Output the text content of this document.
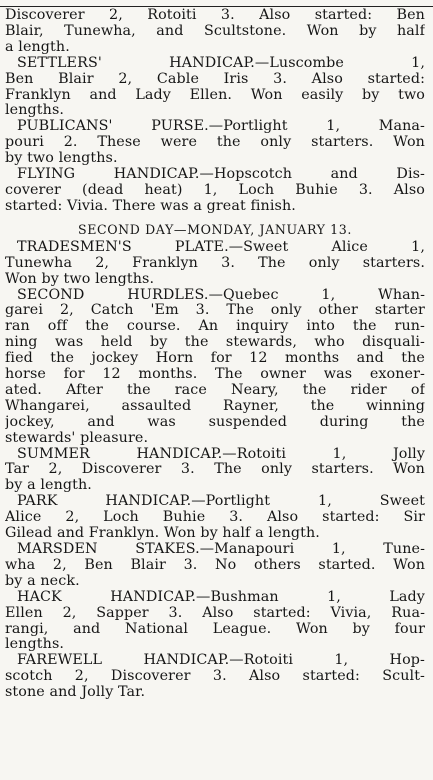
Discoverer 2, Rotoiti 3. Also started: Ben
Blair, Tunewha, and Scultstone. Won by half
a length.
SETTLERS' HANDICAP.—Luscombe 1,
Ben Blair 2, Cable Iris 3. Also started:
Franklyn and Lady Ellen. Won easily by two
lengths.
PUBLICANS' PURSE.—Portlight 1, Mana-
pouri 2. These were the only starters. Won
by two lengths.
FLYING HANDICAP.—Hopscotch and Dis-
coverer (dead heat) 1, Loch Buhie 3. Also
started: Vivia. There was a great finish.
SECOND DAY—MONDAY, JANUARY 13.
TRADESMEN'S PLATE.—Sweet Alice 1,
Tunewha 2, Franklyn 3. The only starters.
Won by two lengths.
SECOND HURDLES.—Quebec 1, Whan-
garei 2, Catch 'Em 3. The only other starter
ran off the course. An inquiry into the run-
ning was held by the stewards, who disquali-
fied the jockey Horn for 12 months and the
horse for 12 months. The owner was exoner-
ated. After the race Neary, the rider of
Whangarei, assaulted Rayner, the winning
jockey, and was suspended during the
stewards' pleasure.
SUMMER HANDICAP.—Rotoiti 1, Jolly
Tar 2, Discoverer 3. The only starters. Won
by a length.
PARK HANDICAP.—Portlight 1, Sweet
Alice 2, Loch Buhie 3. Also started: Sir
Gilead and Franklyn. Won by half a length.
MARSDEN STAKES.—Manapouri 1, Tune-
wha 2, Ben Blair 3. No others started. Won
by a neck.
HACK HANDICAP.—Bushman 1, Lady
Ellen 2, Sapper 3. Also started: Vivia, Rua-
rangi, and National League. Won by four
lengths.
FAREWELL HANDICAP.—Rotoiti 1, Hop-
scotch 2, Discoverer 3. Also started: Scult-
stone and Jolly Tar.
